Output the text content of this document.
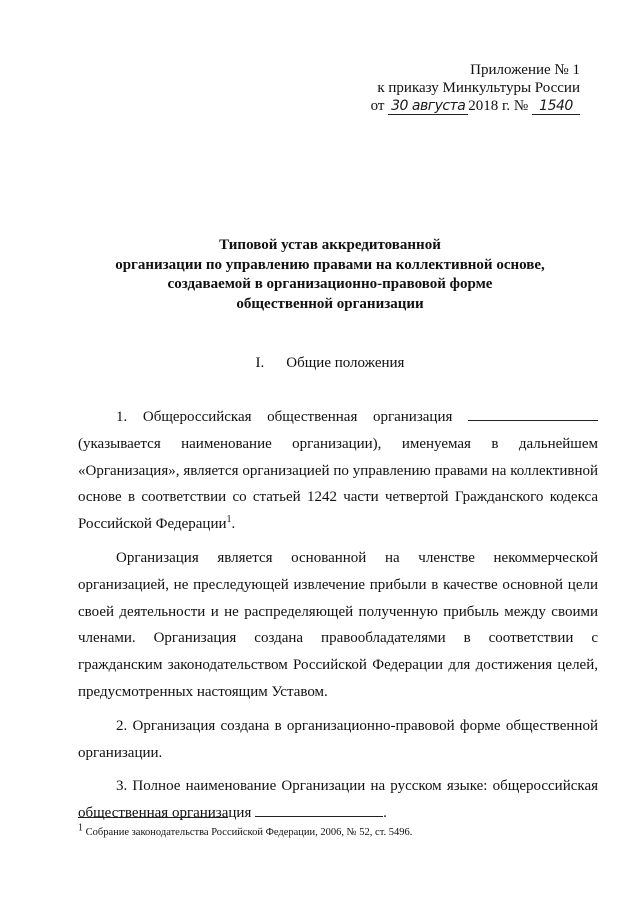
Приложение № 1
к приказу Минкультуры России
от 30 августа 2018 г. № 1540
Типовой устав аккредитованной
организации по управлению правами на коллективной основе,
создаваемой в организационно-правовой форме
общественной организации
I. Общие положения

1. Общероссийская общественная организация  (указывается наименование организации), именуемая в дальнейшем «Организация», является организацией по управлению правами на коллективной основе в соответствии со статьей 1242 части четвертой Гражданского кодекса Российской Федерации$^1$.

Организация является основанной на членстве некоммерческой организацией, не преследующей извлечение прибыли в качестве основной цели своей деятельности и не распределяющей полученную прибыль между своими членами. Организация создана правообладателями в соответствии с гражданским законодательством Российской Федерации для достижения целей, предусмотренных настоящим Уставом.

2. Организация создана в организационно-правовой форме общественной организации.

3. Полное наименование Организации на русском языке: общероссийская общественная организация	.

$^1$ Собрание законодательства Российской Федерации, 2006, № 52, ст. 5496.
